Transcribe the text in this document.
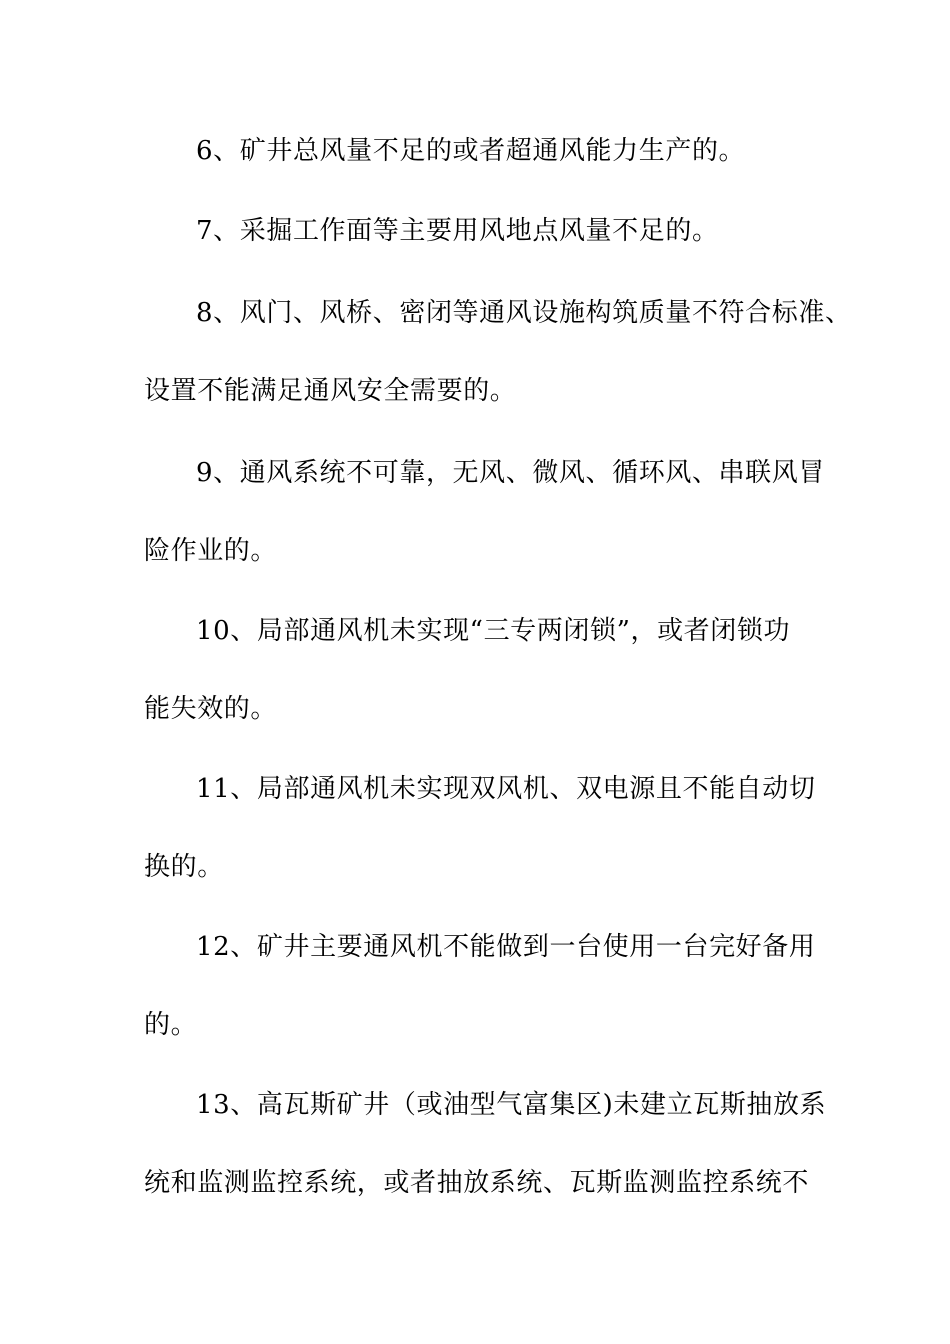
6、矿井总风量不足的或者超通风能力生产的。
7、采掘工作面等主要用风地点风量不足的。
8、风门、风桥、密闭等通风设施构筑质量不符合标准、
设置不能满足通风安全需要的。
9、通风系统不可靠，无风、微风、循环风、串联风冒
险作业的。
10、局部通风机未实现“三专两闭锁”，或者闭锁功
能失效的。
11、局部通风机未实现双风机、双电源且不能自动切
换的。
12、矿井主要通风机不能做到一台使用一台完好备用
的。
13、高瓦斯矿井（或油型气富集区)未建立瓦斯抽放系
统和监测监控系统，或者抽放系统、瓦斯监测监控系统不
